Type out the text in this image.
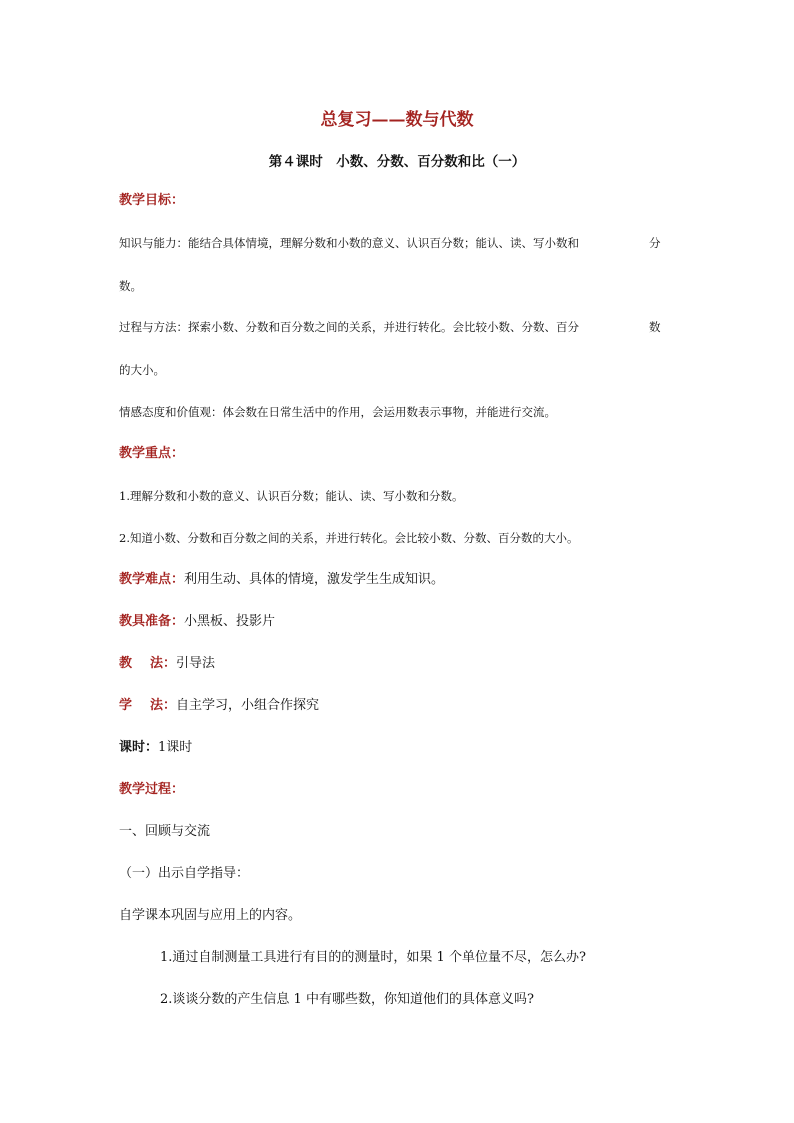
总复习——数与代数
第４课时　小数、分数、百分数和比（一）
教学目标：
知识与能力：能结合具体情境，理解分数和小数的意义、认识百分数；能认、读、写小数和	分
数。
过程与方法：探索小数、分数和百分数之间的关系，并进行转化。会比较小数、分数、百分	数
的大小。
情感态度和价值观：体会数在日常生活中的作用，会运用数表示事物，并能进行交流。
教学重点：
1.理解分数和小数的意义、认识百分数；能认、读、写小数和分数。
2.知道小数、分数和百分数之间的关系，并进行转化。会比较小数、分数、百分数的大小。
教学难点：利用生动、具体的情境，激发学生生成知识。
教具准备：小黑板、投影片
教 法：引导法
学 法：自主学习，小组合作探究
课时：1课时
教学过程：
一、回顾与交流
（一）出示自学指导：
自学课本巩固与应用上的内容。
1.通过自制测量工具进行有目的的测量时，如果 1 个单位量不尽，怎么办?
2.谈谈分数的产生信息 1 中有哪些数，你知道他们的具体意义吗?
